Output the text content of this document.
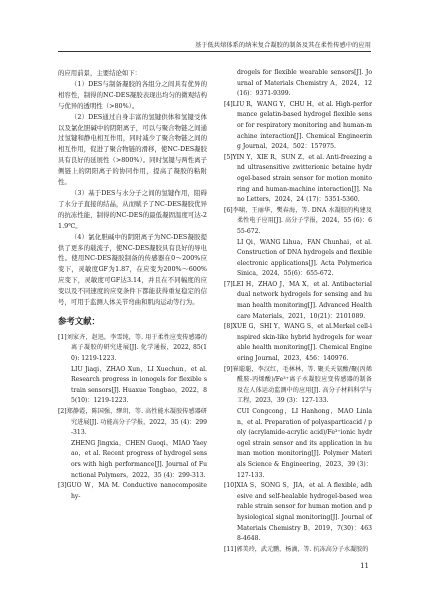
基于低共熔体系的纳米复合凝胶的制备及其在柔性传感中的应用

的应用前景，主要结论如下：

（1）DES与制备凝胶的各组分之间具有优异的相容性，制得的NC-DES凝胶表现出均匀的微观结构与优异的透明性（>80%）。

（2）DES通过自身丰富的氢键供体和氢键受体以及氯化胆碱中的阴阳离子，可以与聚合物链之间通过氢键和静电相互作用，同时减少了聚合物链之间的相互作用，促进了聚合物链的滑移，使NC-DES凝胶具有良好的延展性（>800%）。同时氢键与两性离子侧链上的阴阳离子的协同作用，提高了凝胶的粘附性。

（3）基于DES与水分子之间的氢键作用，阻碍了水分子直接的结晶，从而赋予了NC-DES凝胶优异的抗冻性能，制得的NC-DES的最低凝固温度可达-21.9℃。

（4）氯化胆碱中的阴阳离子为NC-DES凝胶提供了更多的载流子，使NC-DES凝胶具有良好的导电性。使用NC-DES凝胶制备的传感器在0～200%应变下，灵敏度GF为1.87，在应变为200%～600%应变下，灵敏度可GF达3.14，并且在不同幅度的应变以及不同速度的应变条件下都能获得重复稳定的信号，可用于监测人体关节弯曲和肌肉运动等行为。

参考文献：

[1]刘家齐，赵迅，李雪纯，等. 用于柔性应变传感器的离子凝胶的研究进展[J]. 化学通报，2022, 85(10): 1219-1223.

LIU Jiaqi，ZHAO Xun，LI Xuechun，et al. Research progress in ionogels for flexible strain sensors[J]. Huaxue Tongbao，2022，85(10)：1219-1223.

[2]郑静霞，陈国强，缪玥，等. 高性能水凝胶传感器研究进展[J]. 功能高分子学报，2022，35 (4)：299-313.

ZHENG Jingxia，CHEN Guoqi，MIAO Yaeyao，et al. Recent progress of hydrogel sensors with high performance[J]. Journal of Functional Polymers，2022，35 (4)：299-313.

[3]GUO W，MA M. Conductive nanocomposite hy-

drogels for flexible wearable sensors[J]. Journal of Materials Chemistry A，2024，12(16)：9371-9399.

[4]LIU R，WANG Y，CHU H，et al. High-performance gelatin-based hydrogel flexible sensor for respiratory monitoring and human-machine interaction[J]. Chemical Engineering Journal，2024，502：157975.

[5]YIN Y，XIE R，SUN Z，et al. Anti-freezing and ultrasensitive zwitterionic betaine hydrogel-based strain sensor for motion monitoring and human-machine interaction[J]. Nano Letters，2024，24 (17)：5351-5360.

[6]李啸，王丽华，樊春海，等. DNA 水凝胶的构建及柔性电子应用[J]. 高分子学报，2024，55 (6)：655-672.

LI Qi，WANG Lihua，FAN Chunhai，et al. Construction of DNA hydrogels and flexible electronic applications[J]. Acta Polymerica Sinica，2024，55(6)：655-672.

[7]LEI H，ZHAO J，MA X，et al. Antibacterial dual network hydrogels for sensing and human health monitoring[J]. Advanced Healthcare Materials，2021，10(21)：2101089.

[8]XUE G，SHI Y，WANG S，et al.Merkel cell-inspired skin-like hybrid hydrogels for wearable health monitoring[J]. Chemical Engineering Journal，2023，456：140976.

[9]崔聪聪，李汉红，毛林林，等. 聚关天氨酸/聚(丙烯酰胺-丙烯酸)/Fe³⁺离子水凝胶应变传感器的制备及在人体运动监测中的应用[J]. 高分子材料科学与工程，2023，39 (3)：127-133.

CUI Congcong，LI Hanhong，MAO Linlan，et al. Preparation of polyasparticacid / poly (acrylamide-acrylic acid)/Fe³⁺ionic hydrogel strain sensor and its application in human motion monitoring[J]. Polymer Materials Science & Engineering，2023，39 (3)：127-133.

[10]XIA S，SONG S，JIA，et al. A flexible, adhesive and self-healable hydrogel-based wearable strain sensor for human motion and physiological signal monitoring[J]. Journal of Materials Chemistry B，2019，7(30)：4638-4648.

[11]郭美玲，武元鹏，杨滴，等. 抗冻高分子水凝胶的

11
